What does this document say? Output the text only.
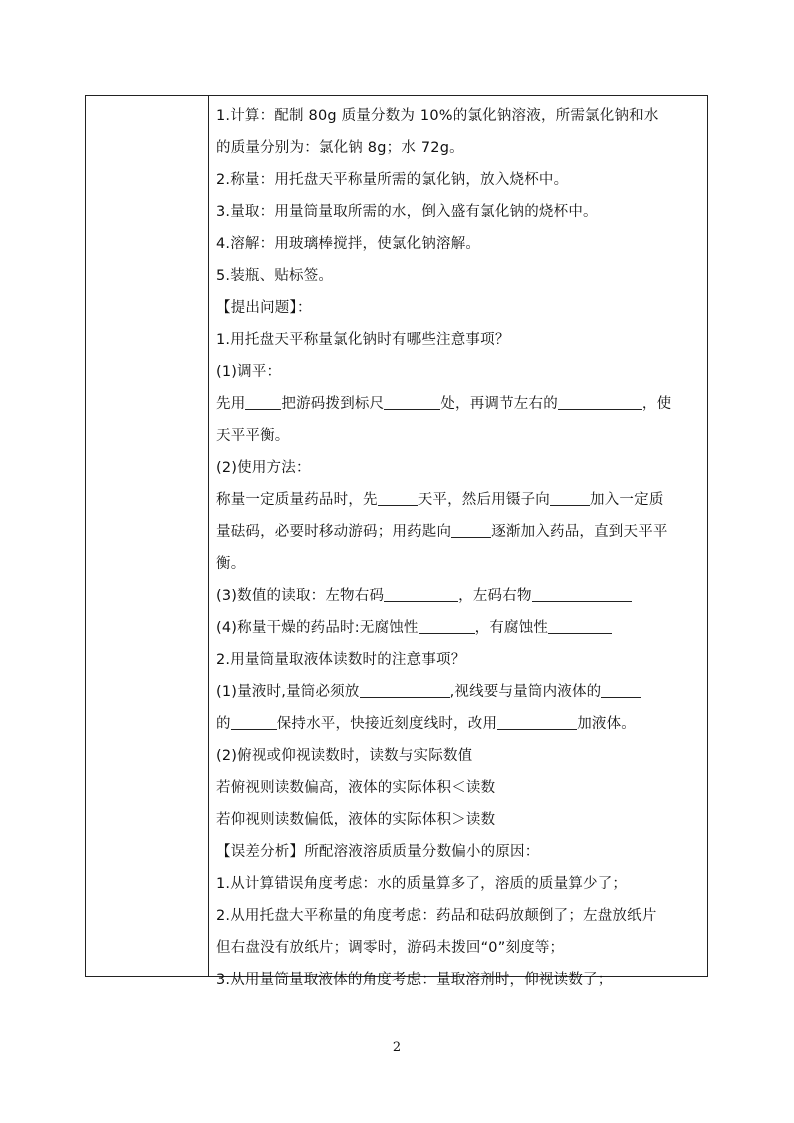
1.计算：配制 80g 质量分数为 10%的氯化钠溶液，所需氯化钠和水
的质量分别为：氯化钠 8g；水 72g。
2.称量：用托盘天平称量所需的氯化钠，放入烧杯中。
3.量取：用量筒量取所需的水，倒入盛有氯化钠的烧杯中。
4.溶解：用玻璃棒搅拌，使氯化钠溶解。
5.装瓶、贴标签。
【提出问题】：
1.用托盘天平称量氯化钠时有哪些注意事项？
(1)调平：
先用 把游码拨到标尺	处，再调节左右的	，使
天平平衡。
(2)使用方法：
称量一定质量药品时，先	天平，然后用镊子向	加入一定质
量砝码，必要时移动游码；用药匙向	逐渐加入药品，直到天平平
衡。
(3)数值的读取：左物右码	，左码右物
(4)称量干燥的药品时:无腐蚀性	，有腐蚀性
2.用量筒量取液体读数时的注意事项？
(1)量液时,量筒必须放	,视线要与量筒内液体的
的	保持水平，快接近刻度线时，改用	加液体。
(2)俯视或仰视读数时，读数与实际数值
若俯视则读数偏高，液体的实际体积＜读数
若仰视则读数偏低，液体的实际体积＞读数
【误差分析】所配溶液溶质质量分数偏小的原因：
1.从计算错误角度考虑：水的质量算多了，溶质的质量算少了；
2.从用托盘大平称量的角度考虑：药品和砝码放颠倒了；左盘放纸片
但右盘没有放纸片；调零时，游码未拨回“0”刻度等；
3.从用量筒量取液体的角度考虑：量取溶剂时，仰视读数了；
2
